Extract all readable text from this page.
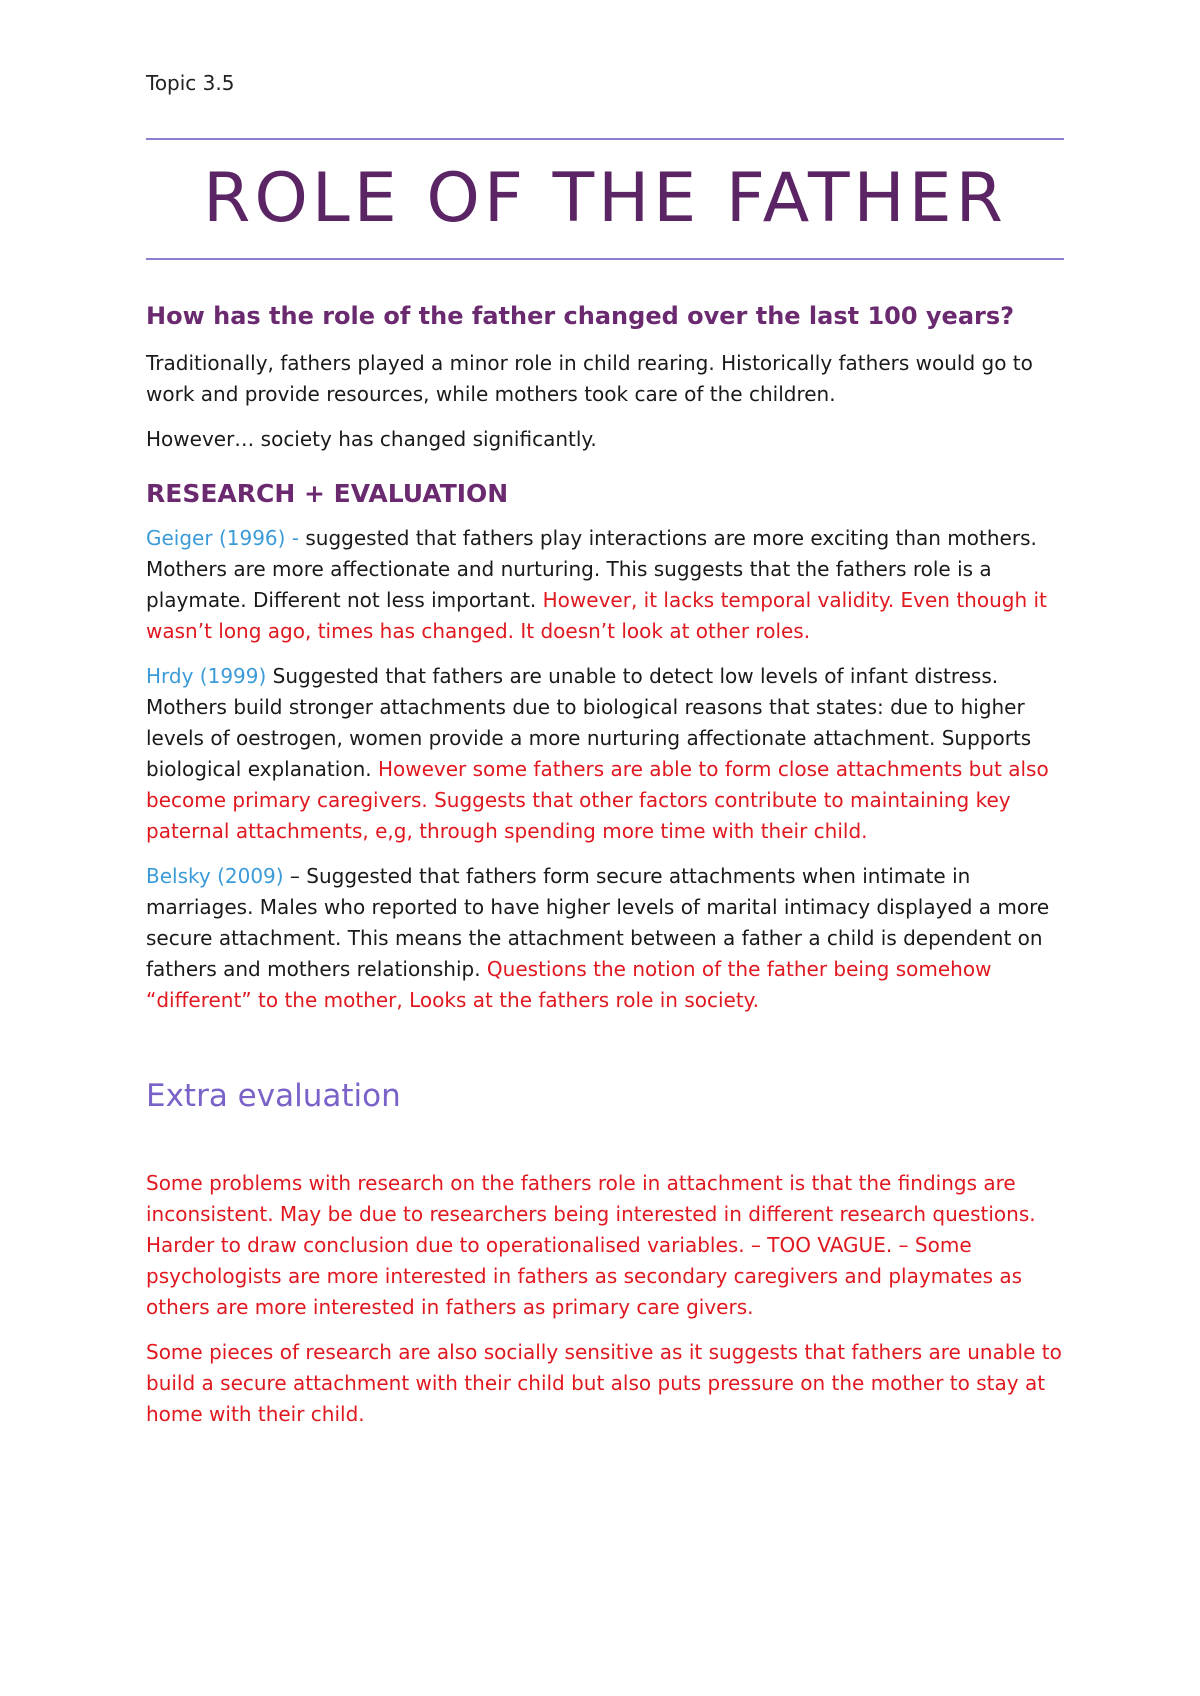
Topic 3.5
ROLE OF THE FATHER
How has the role of the father changed over the last 100 years?

Traditionally, fathers played a minor role in child rearing. Historically fathers would go to work and provide resources, while mothers took care of the children.

However… society has changed significantly.

RESEARCH + EVALUATION

Geiger (1996) - suggested that fathers play interactions are more exciting than mothers. Mothers are more affectionate and nurturing. This suggests that the fathers role is a playmate. Different not less important. However, it lacks temporal validity. Even though it wasn’t long ago, times has changed. It doesn’t look at other roles.

Hrdy (1999) Suggested that fathers are unable to detect low levels of infant distress. Mothers build stronger attachments due to biological reasons that states: due to higher levels of oestrogen, women provide a more nurturing affectionate attachment. Supports biological explanation. However some fathers are able to form close attachments but also become primary caregivers. Suggests that other factors contribute to maintaining key paternal attachments, e,g, through spending more time with their child.

Belsky (2009) – Suggested that fathers form secure attachments when intimate in marriages. Males who reported to have higher levels of marital intimacy displayed a more secure attachment. This means the attachment between a father a child is dependent on fathers and mothers relationship. Questions the notion of the father being somehow “different” to the mother, Looks at the fathers role in society.

Extra evaluation

Some problems with research on the fathers role in attachment is that the findings are inconsistent. May be due to researchers being interested in different research questions. Harder to draw conclusion due to operationalised variables. – TOO VAGUE. – Some psychologists are more interested in fathers as secondary caregivers and playmates as others are more interested in fathers as primary care givers.

Some pieces of research are also socially sensitive as it suggests that fathers are unable to build a secure attachment with their child but also puts pressure on the mother to stay at home with their child.
